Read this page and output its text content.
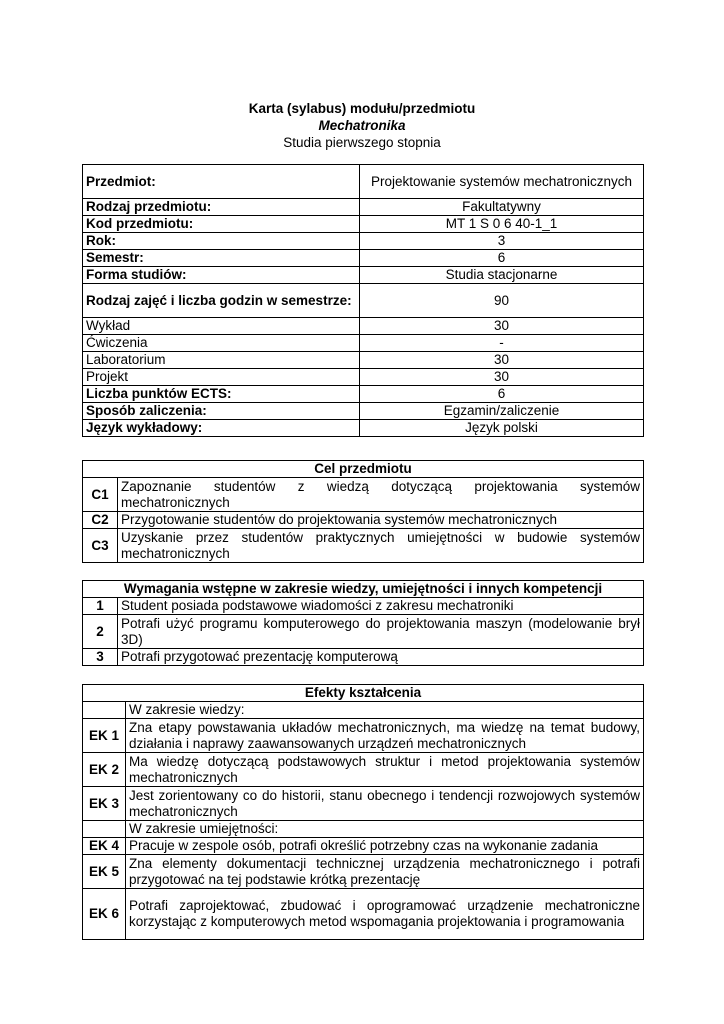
Karta (sylabus) modułu/przedmiotu
Mechatronika
Studia pierwszego stopnia
Przedmiot:	Projektowanie systemów mechatronicznych
Rodzaj przedmiotu:	Fakultatywny
Kod przedmiotu:	MT 1 S 0 6 40-1_1
Rok:	3
Semestr:	6
Forma studiów:	Studia stacjonarne
Rodzaj zajęć i liczba godzin w semestrze:	90
Wykład	30
Ćwiczenia	-
Laboratorium	30
Projekt	30
Liczba punktów ECTS:	6
Sposób zaliczenia:	Egzamin/zaliczenie
Język wykładowy:	Język polski
Cel przedmiotu	
C1	Zapoznanie studentów z wiedzą dotyczącą projektowania systemów mechatronicznych
C2	Przygotowanie studentów do projektowania systemów mechatronicznych
C3	Uzyskanie przez studentów praktycznych umiejętności w budowie systemów mechatronicznych
Wymagania wstępne w zakresie wiedzy, umiejętności i innych kompetencji	
1	Student posiada podstawowe wiadomości z zakresu mechatroniki
2	Potrafi użyć programu komputerowego do projektowania maszyn (modelowanie brył 3D)
3	Potrafi przygotować prezentację komputerową
Efekty kształcenia	
	W zakresie wiedzy:
EK 1	Zna etapy powstawania układów mechatronicznych, ma wiedzę na temat budowy, działania i naprawy zaawansowanych urządzeń mechatronicznych
EK 2	Ma wiedzę dotyczącą podstawowych struktur i metod projektowania systemów mechatronicznych
EK 3	Jest zorientowany co do historii, stanu obecnego i tendencji rozwojowych systemów mechatronicznych
	W zakresie umiejętności:
EK 4	Pracuje w zespole osób, potrafi określić potrzebny czas na wykonanie zadania
EK 5	Zna elementy dokumentacji technicznej urządzenia mechatronicznego i potrafi przygotować na tej podstawie krótką prezentację
EK 6	Potrafi zaprojektować, zbudować i oprogramować urządzenie mechatroniczne korzystając z komputerowych metod wspomagania projektowania i programowania
